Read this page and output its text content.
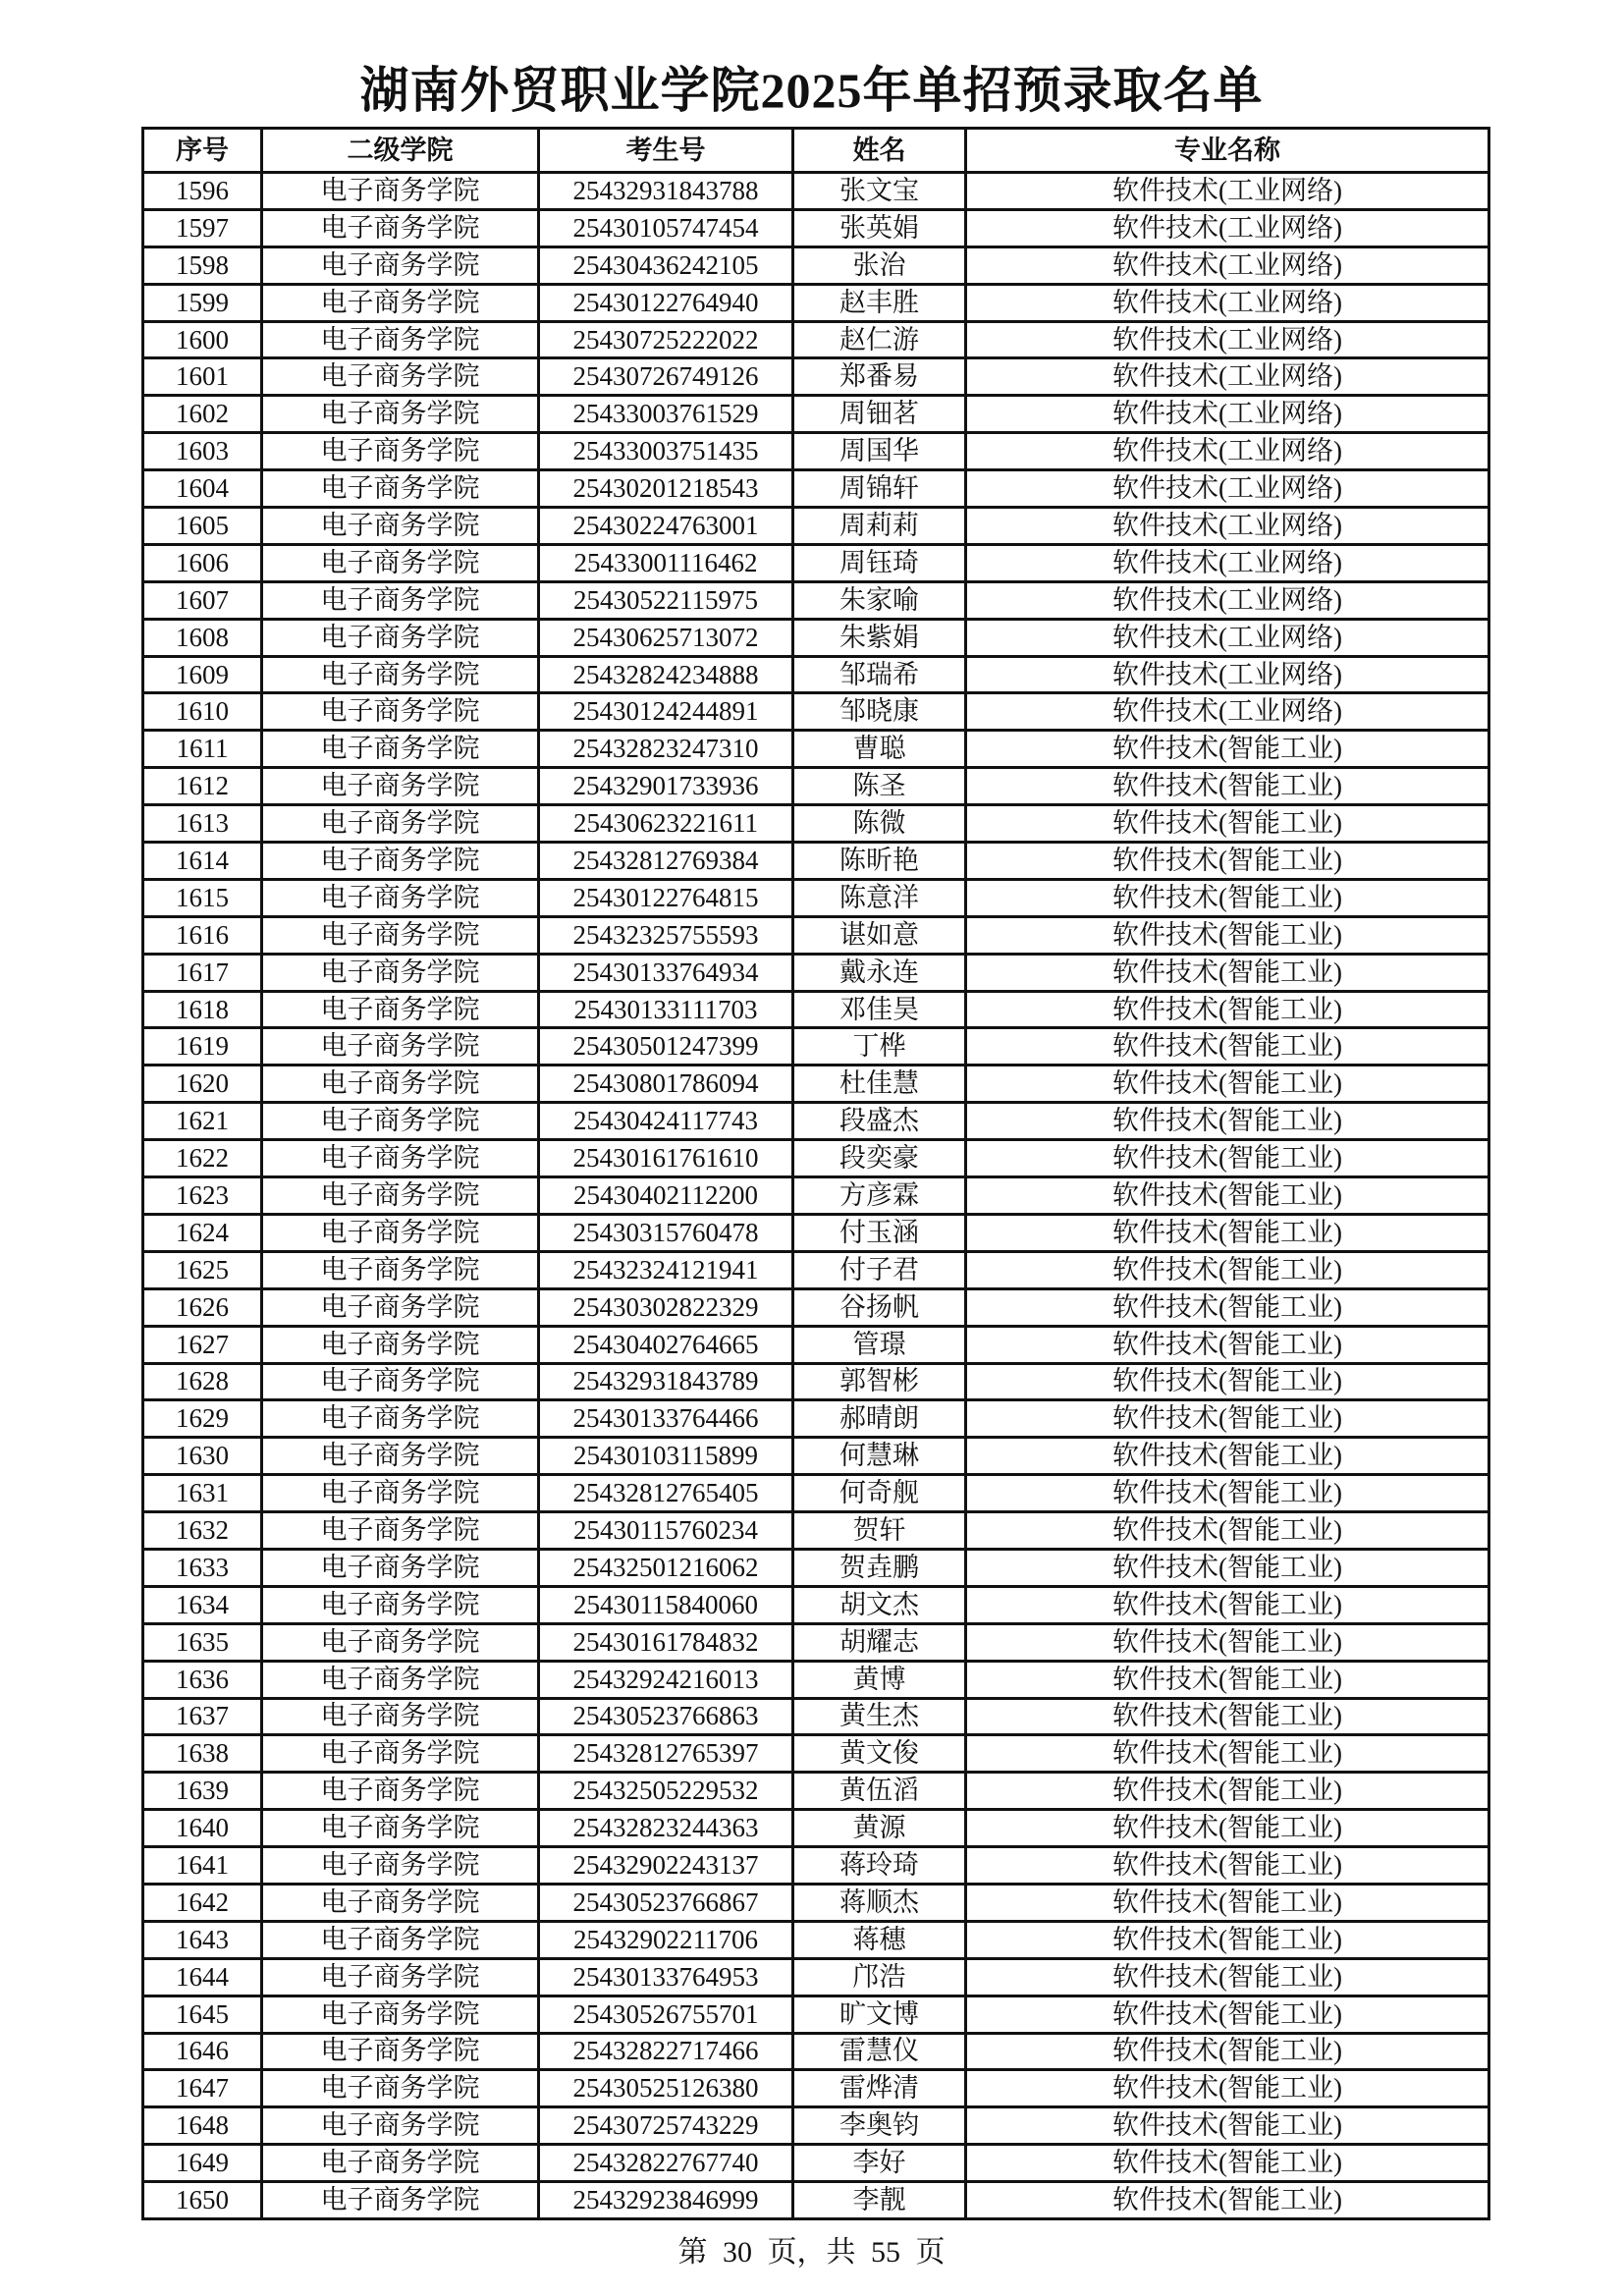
湖南外贸职业学院2025年单招预录取名单
序号	二级学院	考生号	姓名	专业名称
1596	电子商务学院	25432931843788	张文宝	软件技术(工业网络)
1597	电子商务学院	25430105747454	张英娟	软件技术(工业网络)
1598	电子商务学院	25430436242105	张治	软件技术(工业网络)
1599	电子商务学院	25430122764940	赵丰胜	软件技术(工业网络)
1600	电子商务学院	25430725222022	赵仁游	软件技术(工业网络)
1601	电子商务学院	25430726749126	郑番易	软件技术(工业网络)
1602	电子商务学院	25433003761529	周钿茗	软件技术(工业网络)
1603	电子商务学院	25433003751435	周国华	软件技术(工业网络)
1604	电子商务学院	25430201218543	周锦轩	软件技术(工业网络)
1605	电子商务学院	25430224763001	周莉莉	软件技术(工业网络)
1606	电子商务学院	25433001116462	周钰琦	软件技术(工业网络)
1607	电子商务学院	25430522115975	朱家喻	软件技术(工业网络)
1608	电子商务学院	25430625713072	朱紫娟	软件技术(工业网络)
1609	电子商务学院	25432824234888	邹瑞希	软件技术(工业网络)
1610	电子商务学院	25430124244891	邹晓康	软件技术(工业网络)
1611	电子商务学院	25432823247310	曹聪	软件技术(智能工业)
1612	电子商务学院	25432901733936	陈圣	软件技术(智能工业)
1613	电子商务学院	25430623221611	陈微	软件技术(智能工业)
1614	电子商务学院	25432812769384	陈昕艳	软件技术(智能工业)
1615	电子商务学院	25430122764815	陈意洋	软件技术(智能工业)
1616	电子商务学院	25432325755593	谌如意	软件技术(智能工业)
1617	电子商务学院	25430133764934	戴永连	软件技术(智能工业)
1618	电子商务学院	25430133111703	邓佳昊	软件技术(智能工业)
1619	电子商务学院	25430501247399	丁桦	软件技术(智能工业)
1620	电子商务学院	25430801786094	杜佳慧	软件技术(智能工业)
1621	电子商务学院	25430424117743	段盛杰	软件技术(智能工业)
1622	电子商务学院	25430161761610	段奕豪	软件技术(智能工业)
1623	电子商务学院	25430402112200	方彦霖	软件技术(智能工业)
1624	电子商务学院	25430315760478	付玉涵	软件技术(智能工业)
1625	电子商务学院	25432324121941	付子君	软件技术(智能工业)
1626	电子商务学院	25430302822329	谷扬帆	软件技术(智能工业)
1627	电子商务学院	25430402764665	管璟	软件技术(智能工业)
1628	电子商务学院	25432931843789	郭智彬	软件技术(智能工业)
1629	电子商务学院	25430133764466	郝晴朗	软件技术(智能工业)
1630	电子商务学院	25430103115899	何慧琳	软件技术(智能工业)
1631	电子商务学院	25432812765405	何奇舰	软件技术(智能工业)
1632	电子商务学院	25430115760234	贺轩	软件技术(智能工业)
1633	电子商务学院	25432501216062	贺垚鹏	软件技术(智能工业)
1634	电子商务学院	25430115840060	胡文杰	软件技术(智能工业)
1635	电子商务学院	25430161784832	胡耀志	软件技术(智能工业)
1636	电子商务学院	25432924216013	黄博	软件技术(智能工业)
1637	电子商务学院	25430523766863	黄生杰	软件技术(智能工业)
1638	电子商务学院	25432812765397	黄文俊	软件技术(智能工业)
1639	电子商务学院	25432505229532	黄伍滔	软件技术(智能工业)
1640	电子商务学院	25432823244363	黄源	软件技术(智能工业)
1641	电子商务学院	25432902243137	蒋玲琦	软件技术(智能工业)
1642	电子商务学院	25430523766867	蒋顺杰	软件技术(智能工业)
1643	电子商务学院	25432902211706	蒋穗	软件技术(智能工业)
1644	电子商务学院	25430133764953	邝浩	软件技术(智能工业)
1645	电子商务学院	25430526755701	旷文博	软件技术(智能工业)
1646	电子商务学院	25432822717466	雷慧仪	软件技术(智能工业)
1647	电子商务学院	25430525126380	雷烨清	软件技术(智能工业)
1648	电子商务学院	25430725743229	李奥钧	软件技术(智能工业)
1649	电子商务学院	25432822767740	李好	软件技术(智能工业)
1650	电子商务学院	25432923846999	李靓	软件技术(智能工业)
第 30 页，共 55 页
